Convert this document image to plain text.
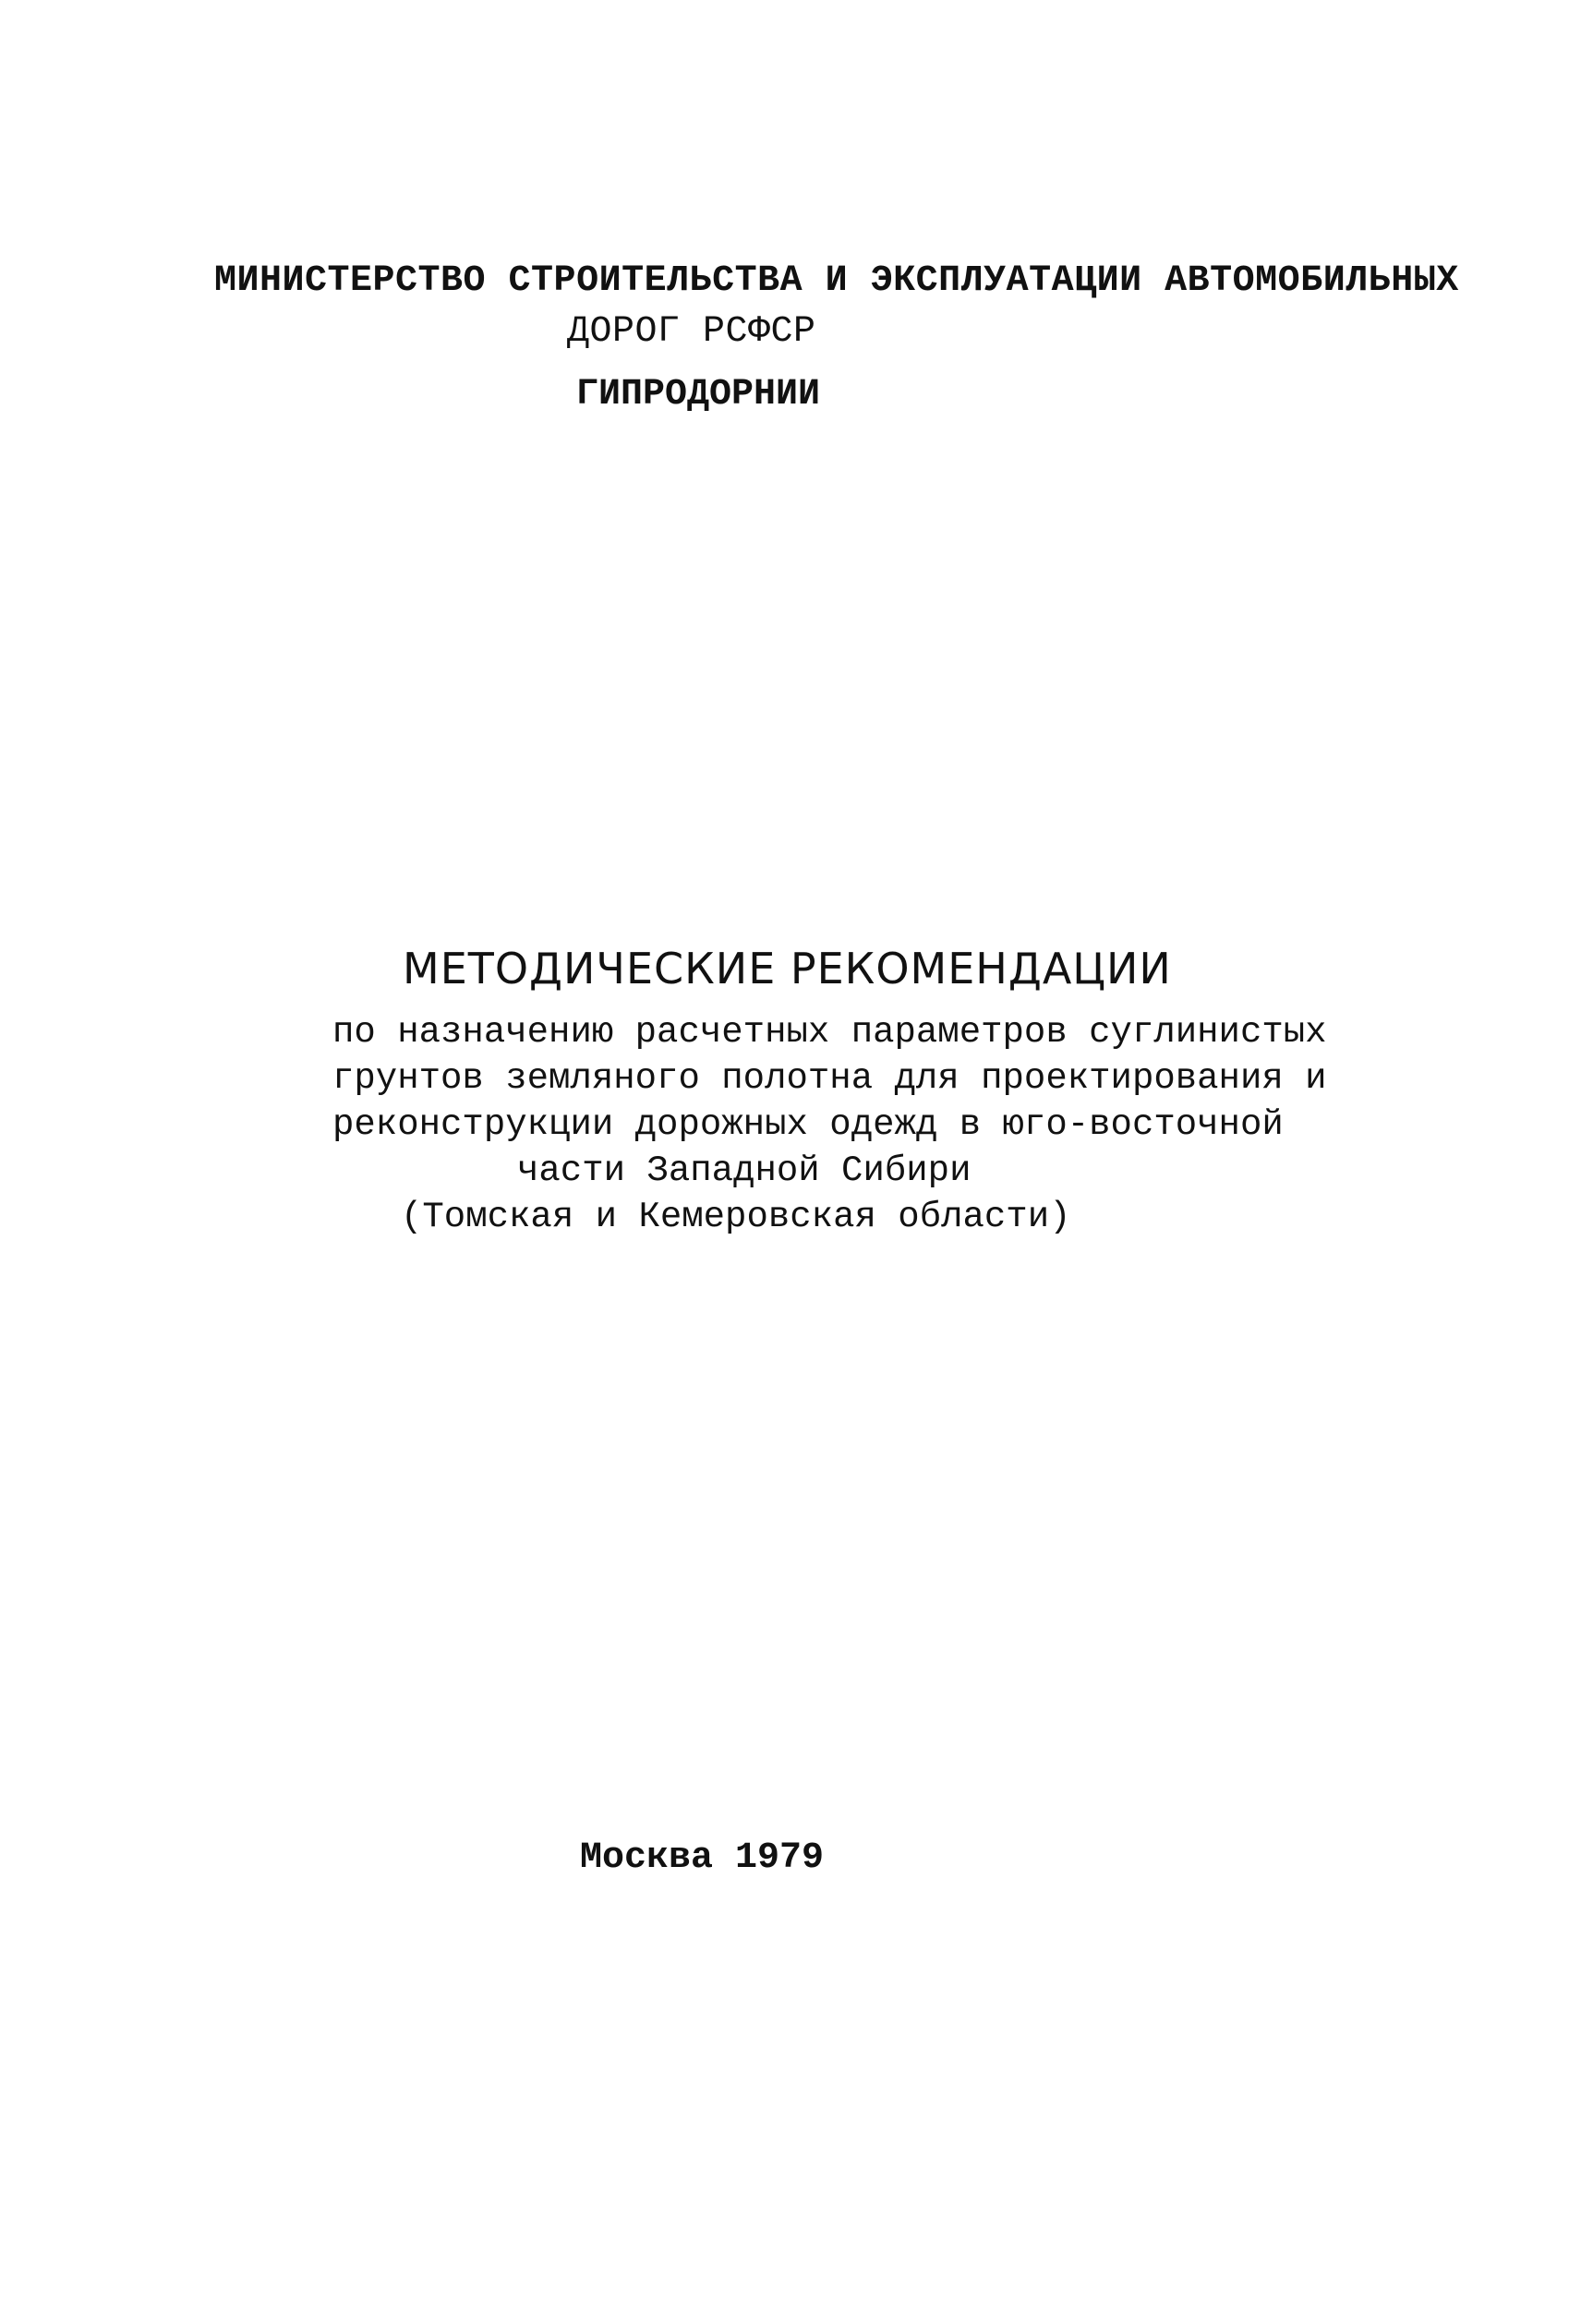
МИНИСТЕРСТВО СТРОИТЕЛЬСТВА И ЭКСПЛУАТАЦИИ АВТОМОБИЛЬНЫХ
ДОРОГ РСФСР
ГИПРОДОРНИИ
МЕТОДИЧЕСКИЕ РЕКОМЕНДАЦИИ
по назначению расчетных параметров суглинистых
грунтов земляного полотна для проектирования и
реконструкции дорожных одежд в юго-восточной
части Западной Сибири
(Томская и Кемеровская области)
Москва 1979
